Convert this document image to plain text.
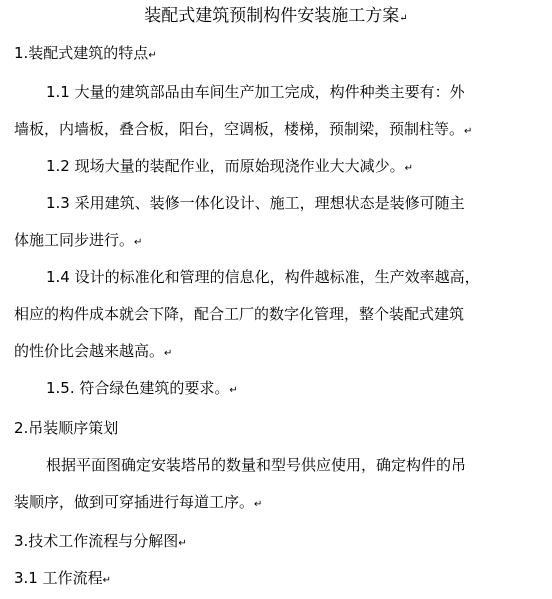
装配式建筑预制构件安装施工方案↵
1.装配式建筑的特点↵
1.1 大量的建筑部品由车间生产加工完成，构件种类主要有：外
墙板，内墙板，叠合板，阳台，空调板，楼梯，预制梁，预制柱等。↵
1.2 现场大量的装配作业，而原始现浇作业大大减少。↵
1.3 采用建筑、装修一体化设计、施工，理想状态是装修可随主
体施工同步进行。↵
1.4 设计的标准化和管理的信息化，构件越标准，生产效率越高，
相应的构件成本就会下降，配合工厂的数字化管理，整个装配式建筑
的性价比会越来越高。↵
1.5. 符合绿色建筑的要求。↵
2.吊装顺序策划
根据平面图确定安装塔吊的数量和型号供应使用，确定构件的吊
装顺序，做到可穿插进行每道工序。↵
3.技术工作流程与分解图↵
3.1 工作流程↵
